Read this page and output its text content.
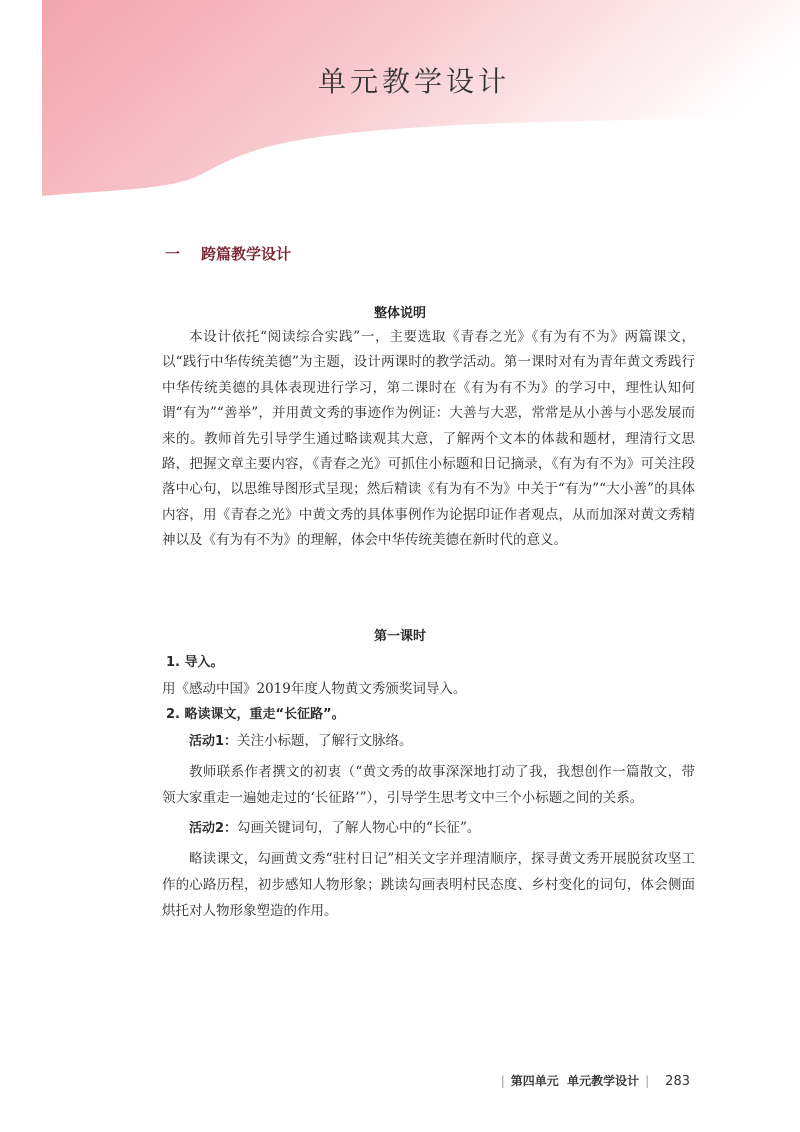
单元教学设计
一 跨篇教学设计
整体说明

本设计依托“阅读综合实践”一，主要选取《青春之光》《有为有不为》两篇课文，以“践行中华传统美德”为主题，设计两课时的教学活动。第一课时对有为青年黄文秀践行中华传统美德的具体表现进行学习，第二课时在《有为有不为》的学习中，理性认知何谓“有为”“善举”，并用黄文秀的事迹作为例证：大善与大恶，常常是从小善与小恶发展而来的。教师首先引导学生通过略读观其大意，了解两个文本的体裁和题材，理清行文思路，把握文章主要内容，《青春之光》可抓住小标题和日记摘录，《有为有不为》可关注段落中心句，以思维导图形式呈现；然后精读《有为有不为》中关于“有为”“大小善”的具体内容，用《青春之光》中黄文秀的具体事例作为论据印证作者观点，从而加深对黄文秀精神以及《有为有不为》的理解，体会中华传统美德在新时代的意义。

第一课时

1. 导入。

用《感动中国》2019年度人物黄文秀颁奖词导入。

2. 略读课文，重走“长征路”。

活动1：关注小标题，了解行文脉络。

教师联系作者撰文的初衷（“黄文秀的故事深深地打动了我，我想创作一篇散文，带领大家重走一遍她走过的‘长征路’”），引导学生思考文中三个小标题之间的关系。

活动2：勾画关键词句，了解人物心中的“长征”。

略读课文，勾画黄文秀“驻村日记”相关文字并理清顺序，探寻黄文秀开展脱贫攻坚工作的心路历程，初步感知人物形象；跳读勾画表明村民态度、乡村变化的词句，体会侧面烘托对人物形象塑造的作用。

| 第四单元 单元教学设计 | 283
